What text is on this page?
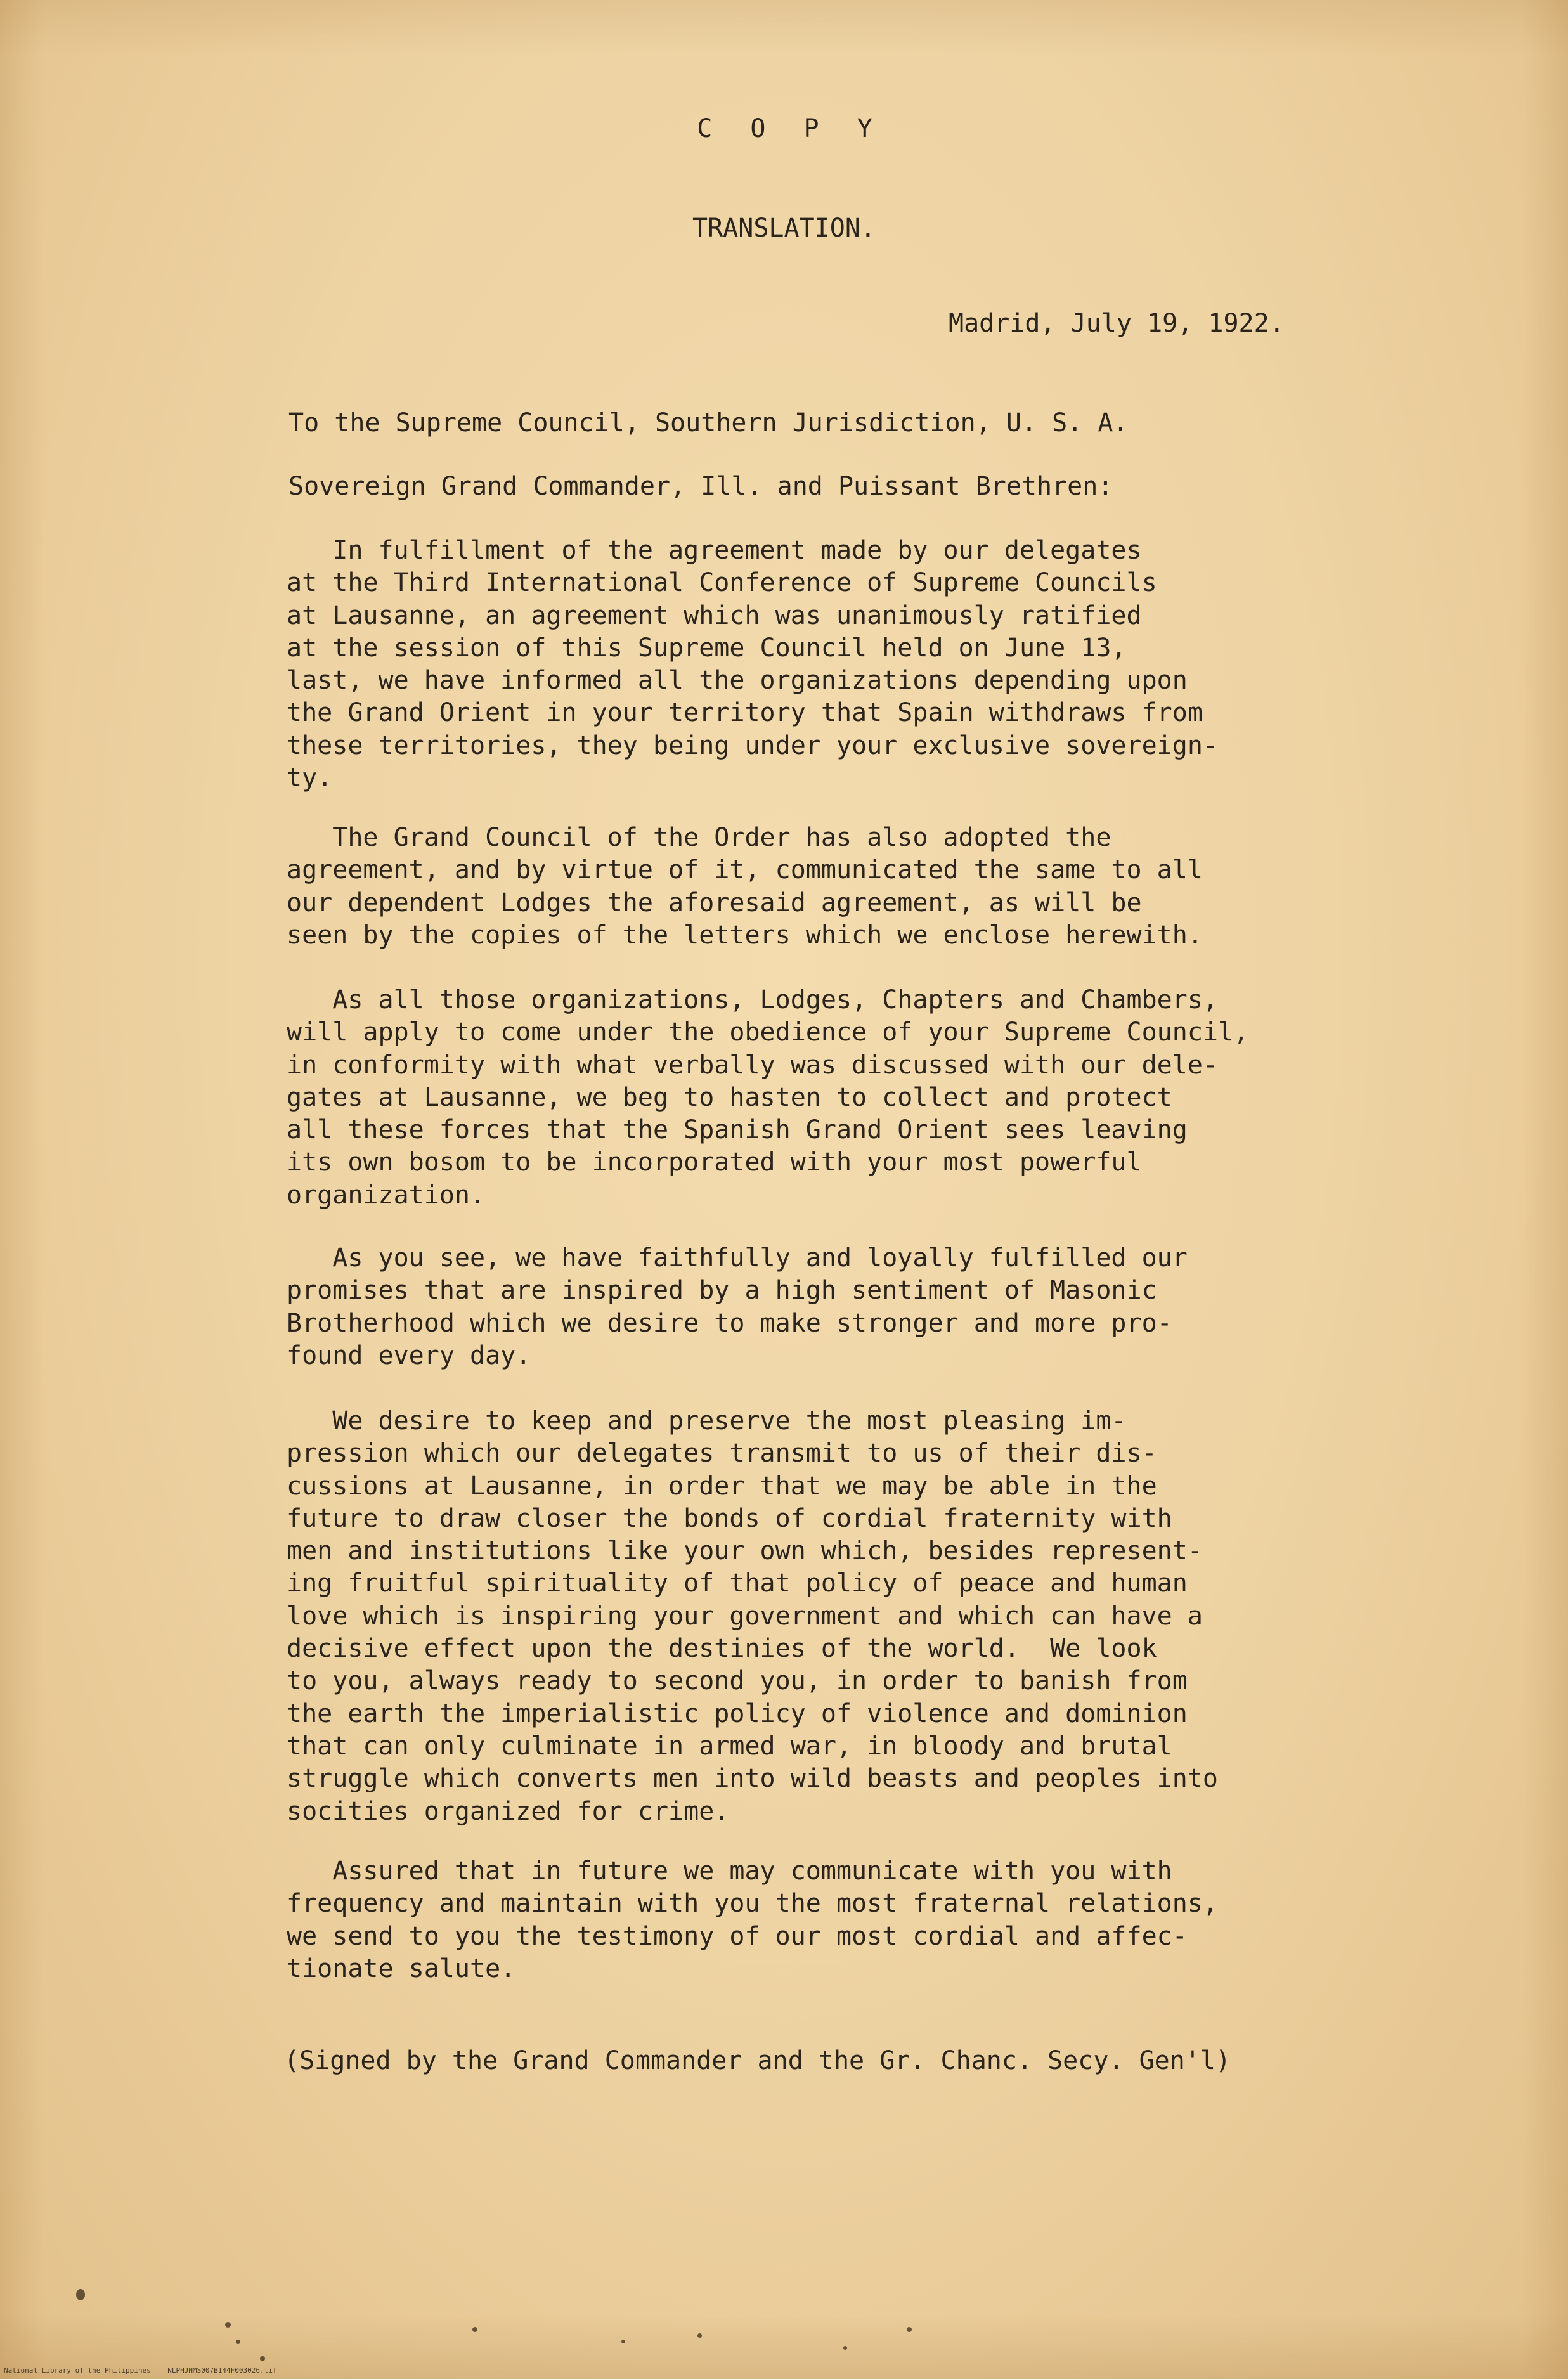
C O P Y

TRANSLATION.

Madrid, July 19, 1922.

To the Supreme Council, Southern Jurisdiction, U. S. A.

Sovereign Grand Commander, Ill. and Puissant Brethren:

In fulfillment of the agreement made by our delegates
at the Third International Conference of Supreme Councils
at Lausanne, an agreement which was unanimously ratified
at the session of this Supreme Council held on June 13,
last, we have informed all the organizations depending upon
the Grand Orient in your territory that Spain withdraws from
these territories, they being under your exclusive sovereign-
ty.

The Grand Council of the Order has also adopted the
agreement, and by virtue of it, communicated the same to all
our dependent Lodges the aforesaid agreement, as will be
seen by the copies of the letters which we enclose herewith.

As all those organizations, Lodges, Chapters and Chambers,
will apply to come under the obedience of your Supreme Council,
in conformity with what verbally was discussed with our dele-
gates at Lausanne, we beg to hasten to collect and protect
all these forces that the Spanish Grand Orient sees leaving
its own bosom to be incorporated with your most powerful
organization.

As you see, we have faithfully and loyally fulfilled our
promises that are inspired by a high sentiment of Masonic
Brotherhood which we desire to make stronger and more pro-
found every day.

We desire to keep and preserve the most pleasing im-
pression which our delegates transmit to us of their dis-
cussions at Lausanne, in order that we may be able in the
future to draw closer the bonds of cordial fraternity with
men and institutions like your own which, besides represent-
ing fruitful spirituality of that policy of peace and human
love which is inspiring your government and which can have a
decisive effect upon the destinies of the world.  We look
to you, always ready to second you, in order to banish from
the earth the imperialistic policy of violence and dominion
that can only culminate in armed war, in bloody and brutal
struggle which converts men into wild beasts and peoples into
socities organized for crime.

Assured that in future we may communicate with you with
frequency and maintain with you the most fraternal relations,
we send to you the testimony of our most cordial and affec-
tionate salute.

(Signed by the Grand Commander and the Gr. Chanc. Secy. Gen'l)

National Library of the Philippines    NLPHJHMS007B144F003026.tif
